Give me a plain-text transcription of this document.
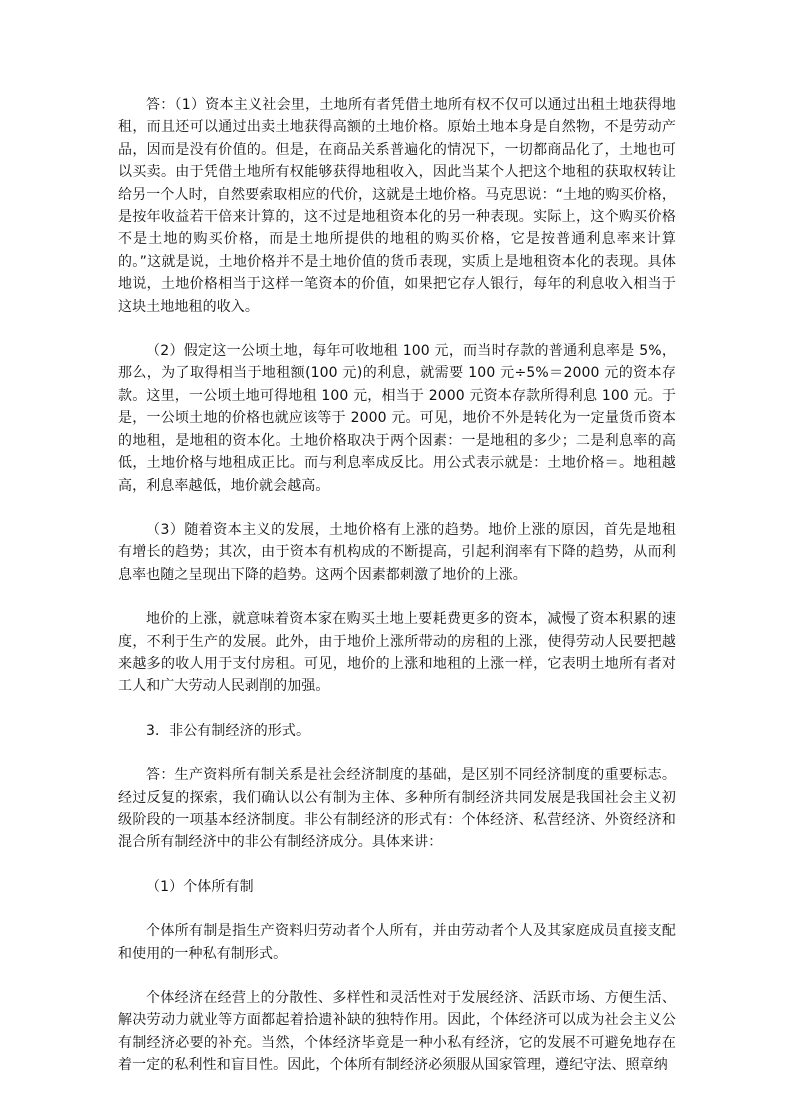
答：（1）资本主义社会里，土地所有者凭借土地所有权不仅可以通过出租土地获得地租，而且还可以通过出卖土地获得高额的土地价格。原始土地本身是自然物，不是劳动产品，因而是没有价值的。但是，在商品关系普遍化的情况下，一切都商品化了，土地也可以买卖。由于凭借土地所有权能够获得地租收入，因此当某个人把这个地租的获取权转让给另一个人时，自然要索取相应的代价，这就是土地价格。马克思说：“土地的购买价格，是按年收益若干倍来计算的，这不过是地租资本化的另一种表现。实际上，这个购买价格不是土地的购买价格，而是土地所提供的地租的购买价格，它是按普通利息率来计算的。”这就是说，土地价格并不是土地价值的货币表现，实质上是地租资本化的表现。具体地说，土地价格相当于这样一笔资本的价值，如果把它存人银行，每年的利息收入相当于这块土地地租的收入。

（2）假定这一公顷土地，每年可收地租 100 元，而当时存款的普通利息率是 5%，那么，为了取得相当于地租额(100 元)的利息，就需要 100 元÷5%＝2000 元的资本存款。这里，一公顷土地可得地租 100 元，相当于 2000 元资本存款所得利息 100 元。于是，一公顷土地的价格也就应该等于 2000 元。可见，地价不外是转化为一定量货币资本的地租，是地租的资本化。土地价格取决于两个因素：一是地租的多少；二是利息率的高低，土地价格与地租成正比。而与利息率成反比。用公式表示就是：土地价格＝。地租越高，利息率越低，地价就会越高。

（3）随着资本主义的发展，土地价格有上涨的趋势。地价上涨的原因，首先是地租有增长的趋势；其次，由于资本有机构成的不断提高，引起利润率有下降的趋势，从而利息率也随之呈现出下降的趋势。这两个因素都刺激了地价的上涨。

地价的上涨，就意味着资本家在购买土地上要耗费更多的资本，减慢了资本积累的速度，不利于生产的发展。此外，由于地价上涨所带动的房租的上涨，使得劳动人民要把越来越多的收人用于支付房租。可见，地价的上涨和地租的上涨一样，它表明土地所有者对工人和广大劳动人民剥削的加强。

3．非公有制经济的形式。

答：生产资料所有制关系是社会经济制度的基础，是区别不同经济制度的重要标志。经过反复的探索，我们确认以公有制为主体、多种所有制经济共同发展是我国社会主义初级阶段的一项基本经济制度。非公有制经济的形式有：个体经济、私营经济、外资经济和混合所有制经济中的非公有制经济成分。具体来讲：

（1）个体所有制

个体所有制是指生产资料归劳动者个人所有，并由劳动者个人及其家庭成员直接支配和使用的一种私有制形式。

个体经济在经营上的分散性、多样性和灵活性对于发展经济、活跃市场、方便生活、解决劳动力就业等方面都起着拾遗补缺的独特作用。因此，个体经济可以成为社会主义公有制经济必要的补充。当然，个体经济毕竟是一种小私有经济，它的发展不可避免地存在着一定的私利性和盲目性。因此，个体所有制经济必须服从国家管理，遵纪守法、照章纳
